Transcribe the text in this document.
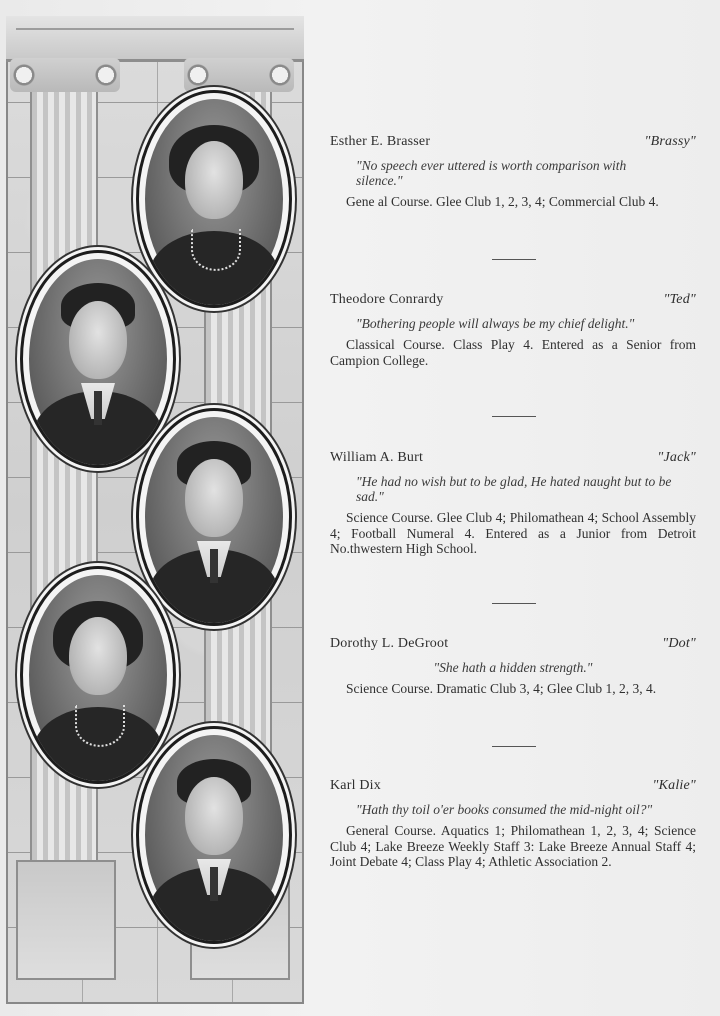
Esther E. Brasser	"Brassy"
"No speech ever uttered is worth comparison with silence."
Gene al Course. Glee Club 1, 2, 3, 4; Commercial Club 4.
Theodore Conrardy	"Ted"
"Bothering people will always be my chief delight."
Classical Course. Class Play 4. Entered as a Senior from Campion College.
William A. Burt	"Jack"
"He had no wish but to be glad, He hated naught but to be sad."
Science Course. Glee Club 4; Philomathean 4; School Assembly 4; Football Numeral 4. Entered as a Junior from Detroit No.thwestern High School.
Dorothy L. DeGroot	"Dot"
"She hath a hidden strength."
Science Course. Dramatic Club 3, 4; Glee Club 1, 2, 3, 4.
Karl Dix	"Kalie"
"Hath thy toil o'er books consumed the mid-night oil?"
General Course. Aquatics 1; Philomathean 1, 2, 3, 4; Science Club 4; Lake Breeze Weekly Staff 3: Lake Breeze Annual Staff 4; Joint Debate 4; Class Play 4; Athletic Association 2.
